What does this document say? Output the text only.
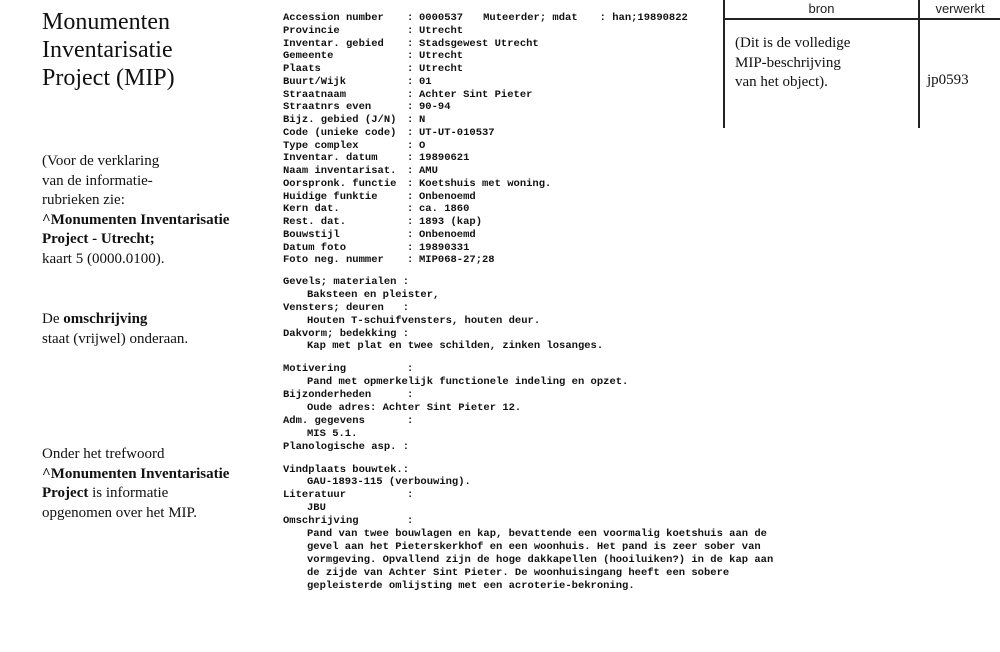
Monumenten
Inventarisatie
Project (MIP)
(Voor de verklaring
van de informatie-
rubrieken zie:
^Monumenten Inventarisatie
Project - Utrecht;
kaart 5 (0000.0100).
De omschrijving
staat (vrijwel) onderaan.
Onder het trefwoord
^Monumenten Inventarisatie
Project is informatie
opgenomen over het MIP.
bron	verwerkt
(Dit is de volledige
MIP-beschrijving
van het object).	jp0593
Accession number	: 0000537 Muteerder; mdat : han;19890822
Provincie	: Utrecht
Inventar. gebied	: Stadsgewest Utrecht
Gemeente	: Utrecht
Plaats	: Utrecht
Buurt/Wijk	: 01
Straatnaam	: Achter Sint Pieter
Straatnrs even	: 90-94
Bijz. gebied (J/N)	: N
Code (unieke code)	: UT-UT-010537
Type complex	: O
Inventar. datum	: 19890621
Naam inventarisat.	: AMU
Oorspronk. functie	: Koetshuis met woning.
Huidige funktie	: Onbenoemd
Kern dat.	: ca. 1860
Rest. dat.	: 1893 (kap)
Bouwstijl	: Onbenoemd
Datum foto	: 19890331
Foto neg. nummer	: MIP068-27;28
Gevels; materialen :
Baksteen en pleister,
Vensters; deuren   :
Houten T-schuifvensters, houten deur.
Dakvorm; bedekking :
Kap met plat en twee schilden, zinken losanges.
Motivering	:
Pand met opmerkelijk functionele indeling en opzet.
Bijzonderheden	:
Oude adres: Achter Sint Pieter 12.
Adm. gegevens	:
MIS 5.1.
Planologische asp. :
Vindplaats bouwtek.:
GAU-1893-115 (verbouwing).
Literatuur	:
JBU
Omschrijving	:
Pand van twee bouwlagen en kap, bevattende een voormalig koetshuis aan de
gevel aan het Pieterskerkhof en een woonhuis. Het pand is zeer sober van
vormgeving. Opvallend zijn de hoge dakkapellen (hooiluiken?) in de kap aan
de zijde van Achter Sint Pieter. De woonhuisingang heeft een sobere
gepleisterde omlijsting met een acroterie-bekroning.
